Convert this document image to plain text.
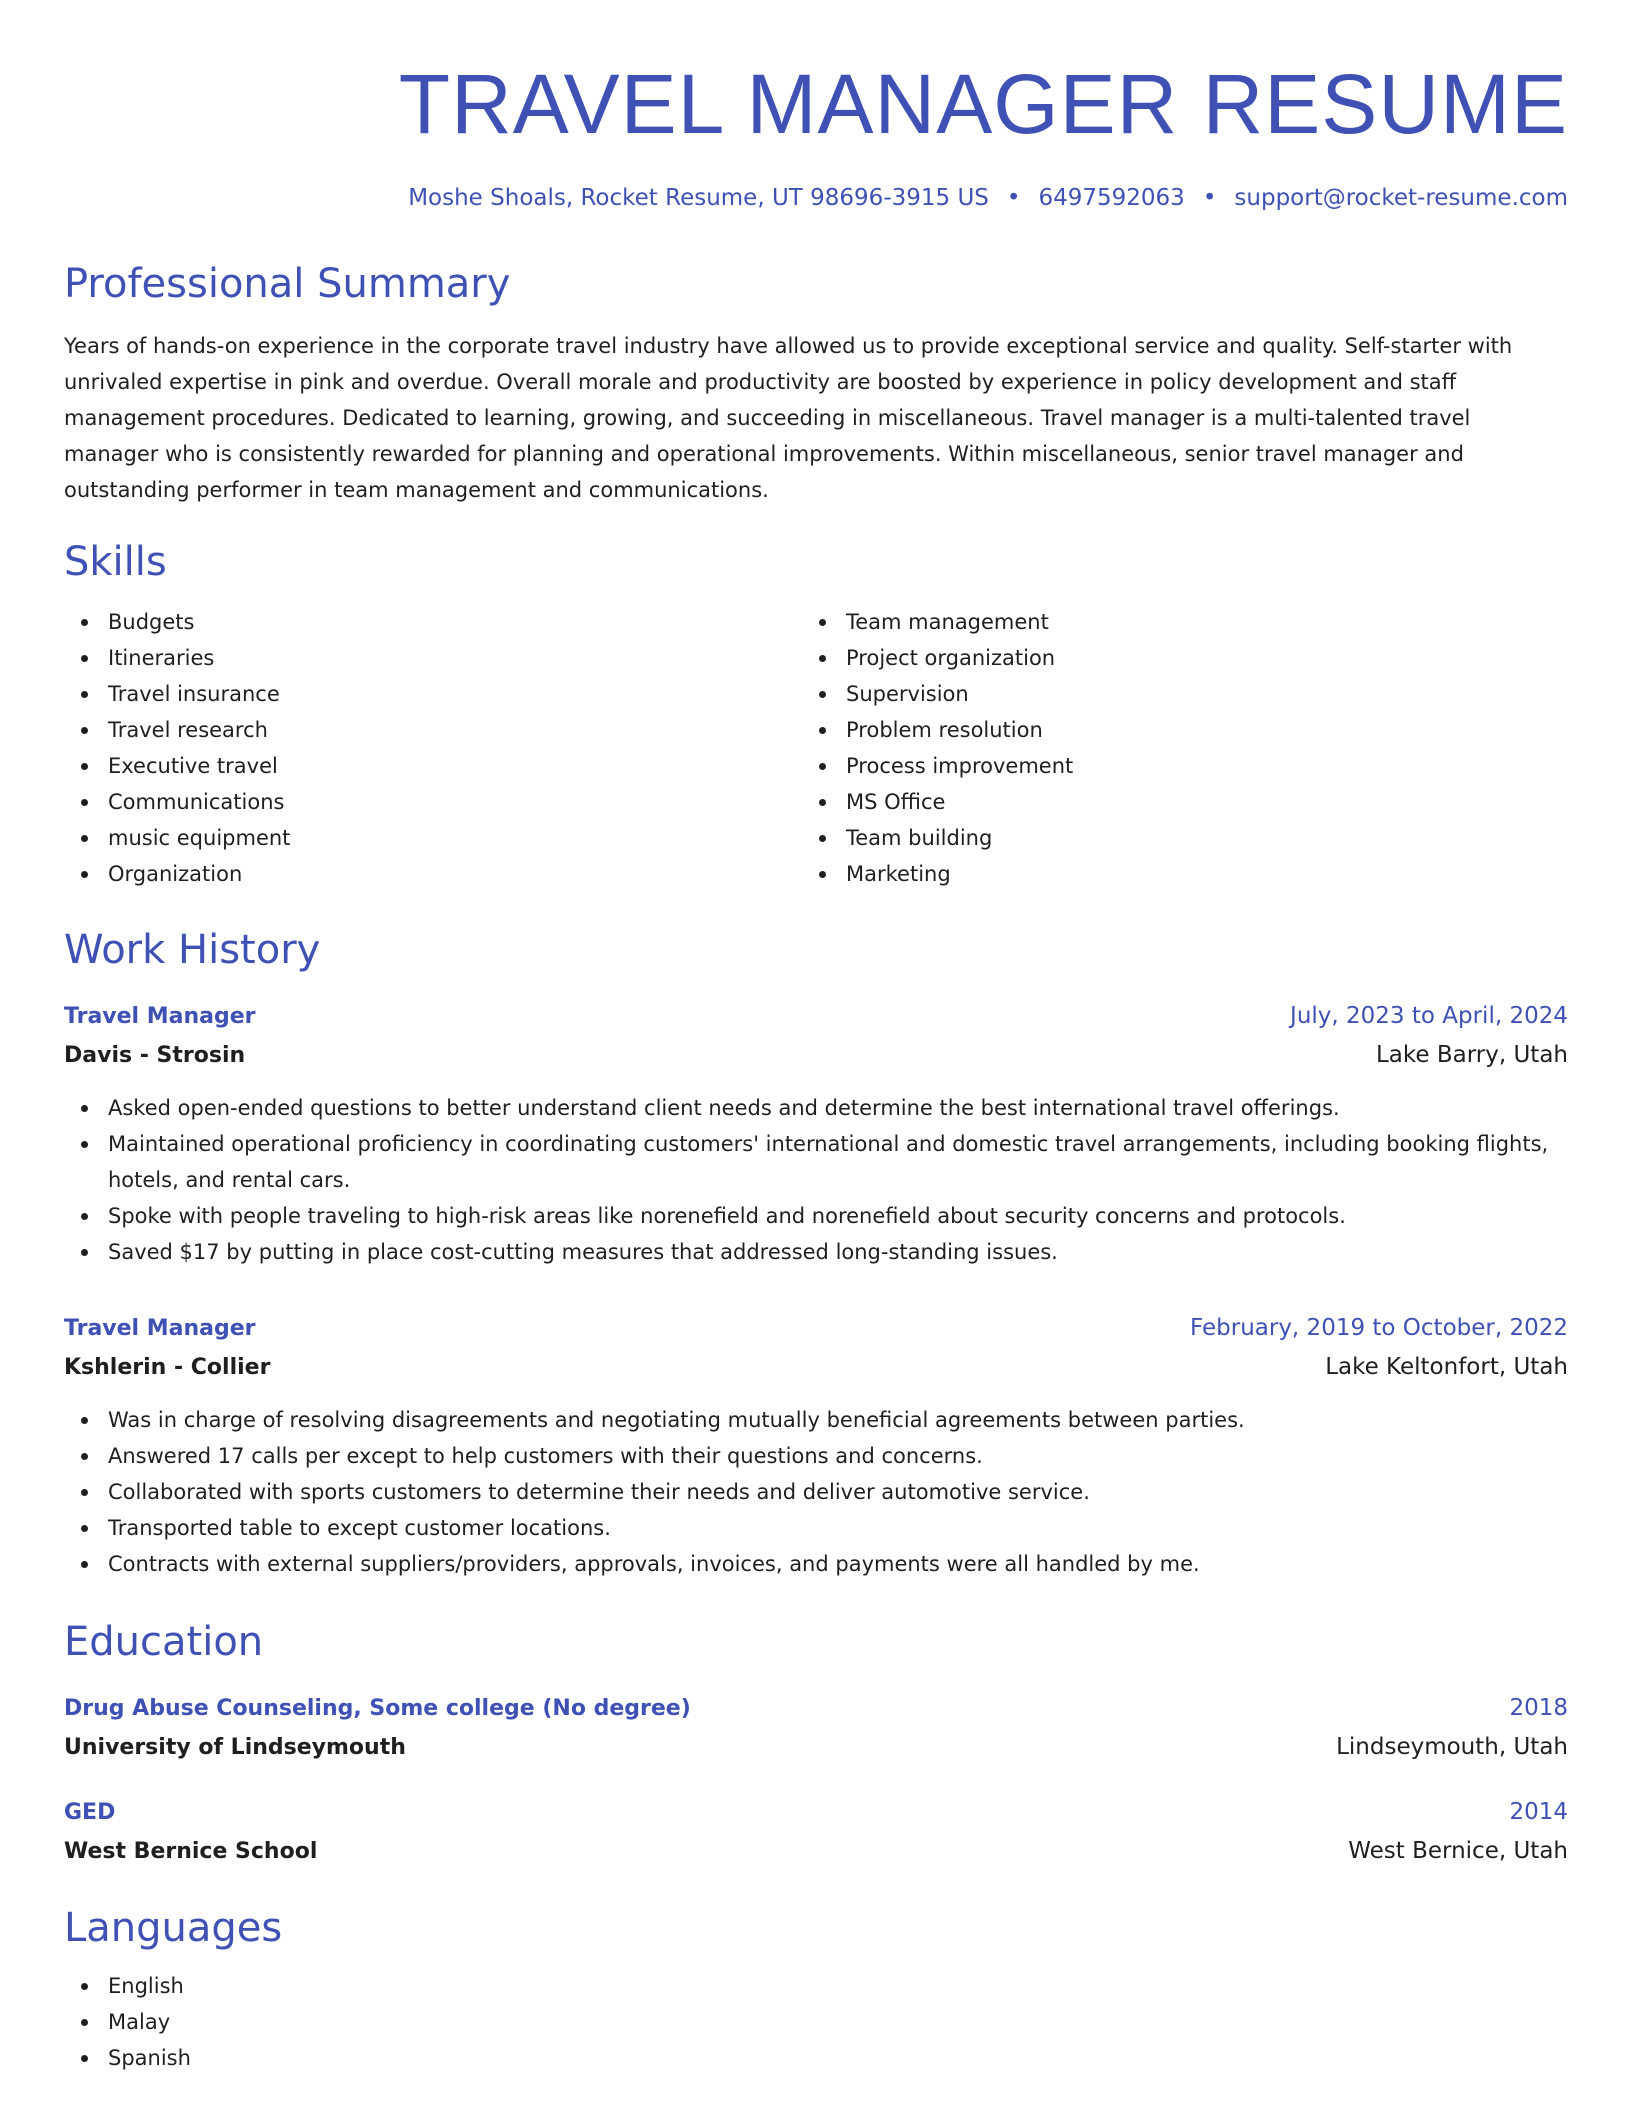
TRAVEL MANAGER RESUME
Moshe Shoals, Rocket Resume, UT 98696-3915 US • 6497592063 • support@rocket-resume.com
Professional Summary

Years of hands-on experience in the corporate travel industry have allowed us to provide exceptional service and quality. Self-starter with unrivaled expertise in pink and overdue. Overall morale and productivity are boosted by experience in policy development and staff management procedures. Dedicated to learning, growing, and succeeding in miscellaneous. Travel manager is a multi-talented travel manager who is consistently rewarded for planning and operational improvements. Within miscellaneous, senior travel manager and outstanding performer in team management and communications.

Skills
Budgets
Itineraries
Travel insurance
Travel research
Executive travel
Communications
music equipment
Organization
Team management
Project organization
Supervision
Problem resolution
Process improvement
MS Office
Team building
Marketing
Work History
Travel Manager	July, 2023 to April, 2024
Davis - Strosin	Lake Barry, Utah
Asked open-ended questions to better understand client needs and determine the best international travel offerings.
Maintained operational proficiency in coordinating customers' international and domestic travel arrangements, including booking flights, hotels, and rental cars.
Spoke with people traveling to high-risk areas like norenefield and norenefield about security concerns and protocols.
Saved $17 by putting in place cost-cutting measures that addressed long-standing issues.
Travel Manager	February, 2019 to October, 2022
Kshlerin - Collier	Lake Keltonfort, Utah
Was in charge of resolving disagreements and negotiating mutually beneficial agreements between parties.
Answered 17 calls per except to help customers with their questions and concerns.
Collaborated with sports customers to determine their needs and deliver automotive service.
Transported table to except customer locations.
Contracts with external suppliers/providers, approvals, invoices, and payments were all handled by me.
Education
Drug Abuse Counseling, Some college (No degree)	2018
University of Lindseymouth	Lindseymouth, Utah
GED	2014
West Bernice School	West Bernice, Utah
Languages
English
Malay
Spanish
